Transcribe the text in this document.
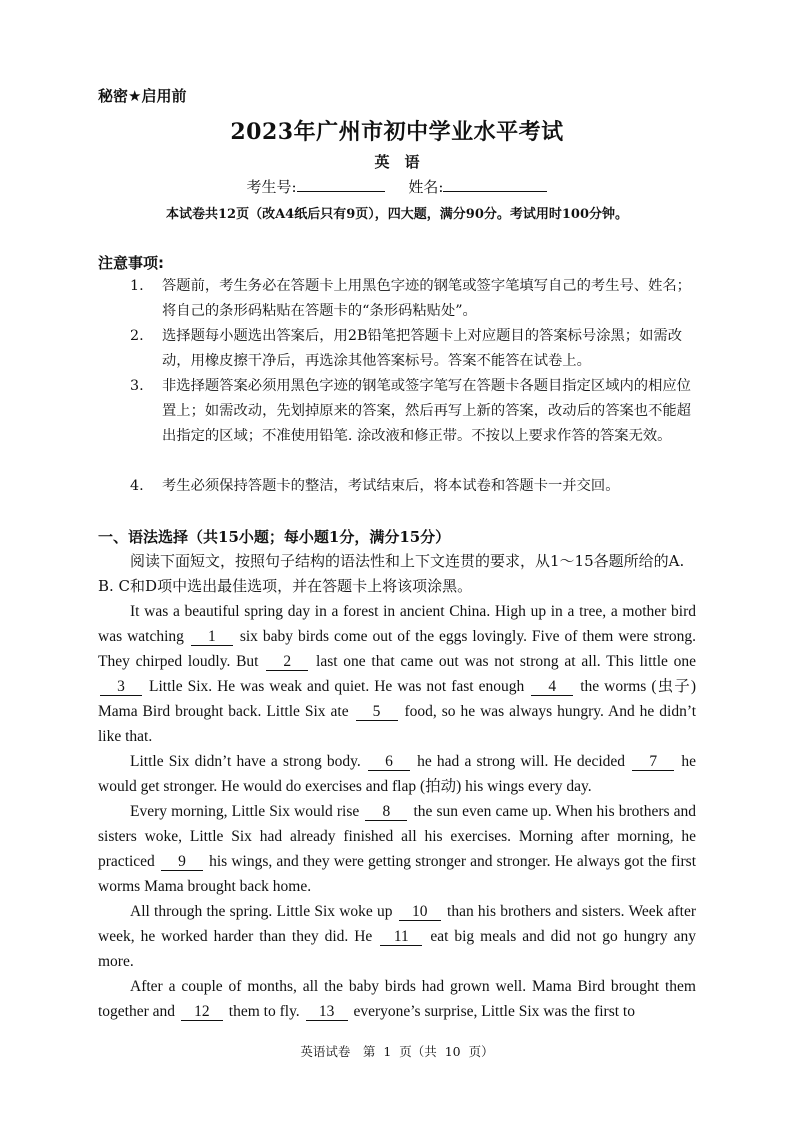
秘密★启用前
2023年广州市初中学业水平考试
英　语
考生号:	姓名:
本试卷共12页（改A4纸后只有9页），四大题，满分90分。考试用时100分钟。
注意事项:
1. 答题前，考生务必在答题卡上用黑色字迹的钢笔或签字笔填写自己的考生号、姓名；将自己的条形码粘贴在答题卡的“条形码粘贴处”。
2. 选择题每小题选出答案后，用2B铅笔把答题卡上对应题目的答案标号涂黑；如需改动，用橡皮擦干净后，再选涂其他答案标号。答案不能答在试卷上。
3. 非选择题答案必须用黑色字迹的钢笔或签字笔写在答题卡各题目指定区域内的相应位置上；如需改动，先划掉原来的答案，然后再写上新的答案，改动后的答案也不能超出指定的区域；不准使用铅笔. 涂改液和修正带。不按以上要求作答的答案无效。
4. 考生必须保持答题卡的整洁，考试结束后，将本试卷和答题卡一并交回。
一、语法选择（共15小题；每小题1分，满分15分）
阅读下面短文，按照句子结构的语法性和上下文连贯的要求，从1～15各题所给的A. B. C和D项中选出最佳选项，并在答题卡上将该项涂黑。
It was a beautiful spring day in a forest in ancient China. High up in a tree, a mother bird was watching 1 six baby birds come out of the eggs lovingly. Five of them were strong. They chirped loudly. But 2 last one that came out was not strong at all. This little one 3 Little Six. He was weak and quiet. He was not fast enough 4 the worms (虫子) Mama Bird brought back. Little Six ate 5 food, so he was always hungry. And he didn’t like that.
Little Six didn’t have a strong body. 6 he had a strong will. He decided 7 he would get stronger. He would do exercises and flap (拍动) his wings every day.
Every morning, Little Six would rise 8 the sun even came up. When his brothers and sisters woke, Little Six had already finished all his exercises. Morning after morning, he practiced 9 his wings, and they were getting stronger and stronger. He always got the first worms Mama brought back home.
All through the spring. Little Six woke up 10 than his brothers and sisters. Week after week, he worked harder than they did. He 11 eat big meals and did not go hungry any more.
After a couple of months, all the baby birds had grown well. Mama Bird brought them together and 12 them to fly. 13 everyone’s surprise, Little Six was the first to
英语试卷　第 1 页（共 10 页）
